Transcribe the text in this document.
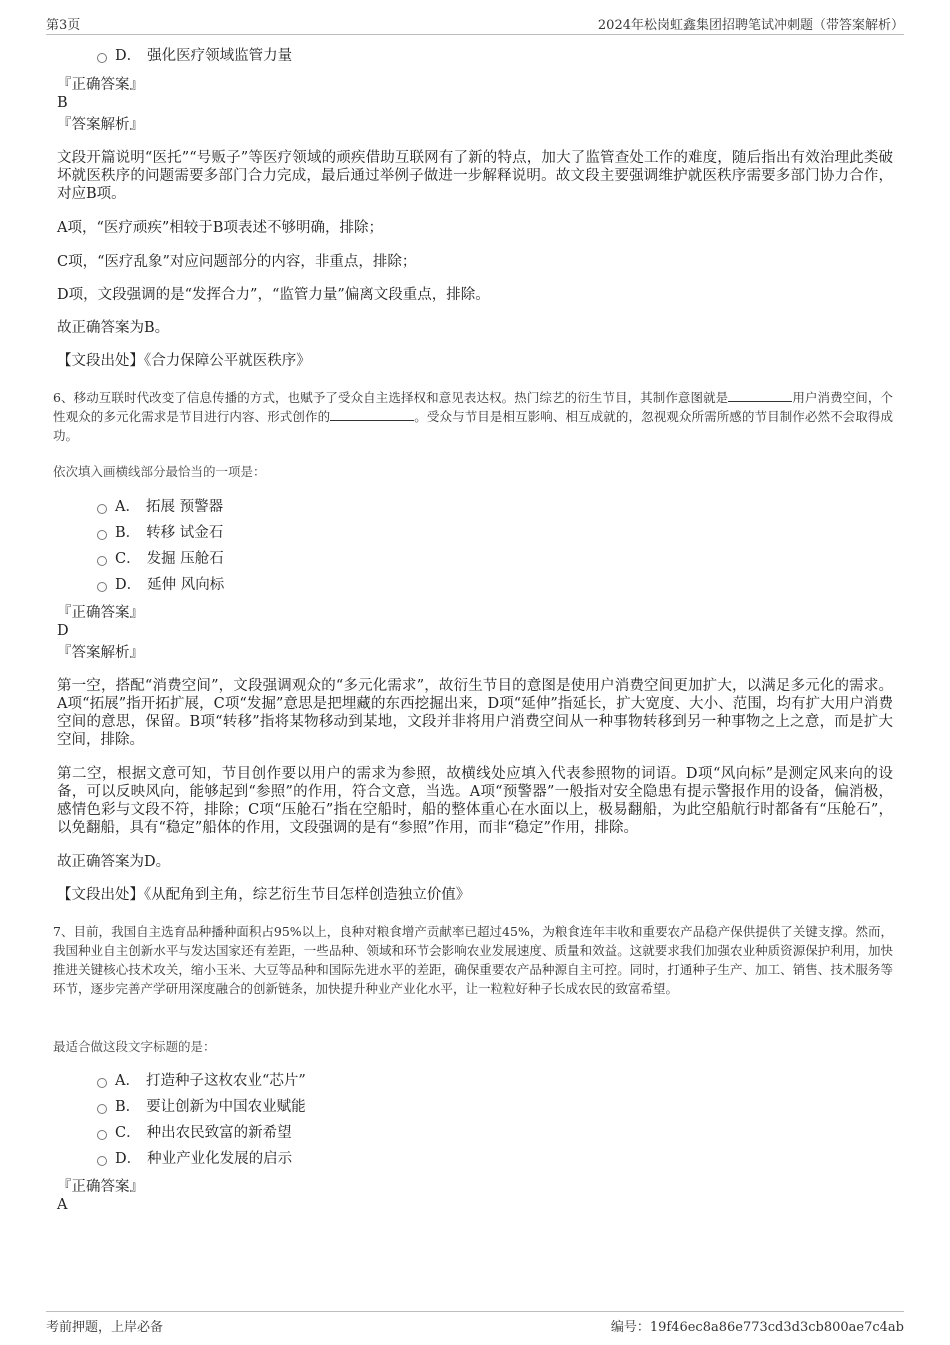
第3页	2024年松岗虹鑫集团招聘笔试冲刺题（带答案解析）
D． 强化医疗领域监管力量
『正确答案』
B
『答案解析』
文段开篇说明“医托”“号贩子”等医疗领域的顽疾借助互联网有了新的特点，加大了监管查处工作的难度，随后指出有效治理此类破坏就医秩序的问题需要多部门合力完成，最后通过举例子做进一步解释说明。故文段主要强调维护就医秩序需要多部门协力合作，对应B项。
A项，“医疗顽疾”相较于B项表述不够明确，排除；
C项，“医疗乱象”对应问题部分的内容，非重点，排除；
D项，文段强调的是“发挥合力”，“监管力量”偏离文段重点，排除。
故正确答案为B。
【文段出处】《合力保障公平就医秩序》
6、移动互联时代改变了信息传播的方式，也赋予了受众自主选择权和意见表达权。热门综艺的衍生节目，其制作意图就是	用户消费空间，个性观众的多元化需求是节目进行内容、形式创作的	。受众与节目是相互影响、相互成就的，忽视观众所需所感的节目制作必然不会取得成功。
依次填入画横线部分最恰当的一项是：
A． 拓展 预警器
B． 转移 试金石
C． 发掘 压舱石
D． 延伸 风向标
『正确答案』
D
『答案解析』
第一空，搭配“消费空间”，文段强调观众的“多元化需求”，故衍生节目的意图是使用户消费空间更加扩大，以满足多元化的需求。A项“拓展”指开拓扩展，C项“发掘”意思是把埋藏的东西挖掘出来，D项“延伸”指延长，扩大宽度、大小、范围，均有扩大用户消费空间的意思，保留。B项“转移”指将某物移动到某地，文段并非将用户消费空间从一种事物转移到另一种事物之上之意，而是扩大空间，排除。
第二空，根据文意可知，节目创作要以用户的需求为参照，故横线处应填入代表参照物的词语。D项“风向标”是测定风来向的设备，可以反映风向，能够起到“参照”的作用，符合文意，当选。A项“预警器”一般指对安全隐患有提示警报作用的设备，偏消极，感情色彩与文段不符，排除；C项“压舱石”指在空船时，船的整体重心在水面以上，极易翻船，为此空船航行时都备有“压舱石”，以免翻船，具有“稳定”船体的作用，文段强调的是有“参照”作用，而非“稳定”作用，排除。
故正确答案为D。
【文段出处】《从配角到主角，综艺衍生节目怎样创造独立价值》
7、目前，我国自主选育品种播种面积占95%以上，良种对粮食增产贡献率已超过45%，为粮食连年丰收和重要农产品稳产保供提供了关键支撑。然而，我国种业自主创新水平与发达国家还有差距，一些品种、领域和环节会影响农业发展速度、质量和效益。这就要求我们加强农业种质资源保护利用，加快推进关键核心技术攻关，缩小玉米、大豆等品种和国际先进水平的差距，确保重要农产品种源自主可控。同时，打通种子生产、加工、销售、技术服务等环节，逐步完善产学研用深度融合的创新链条，加快提升种业产业化水平，让一粒粒好种子长成农民的致富希望。
最适合做这段文字标题的是：
A． 打造种子这枚农业“芯片”
B． 要让创新为中国农业赋能
C． 种出农民致富的新希望
D． 种业产业化发展的启示
『正确答案』
A
考前押题，上岸必备	编号：19f46ec8a86e773cd3d3cb800ae7c4ab
